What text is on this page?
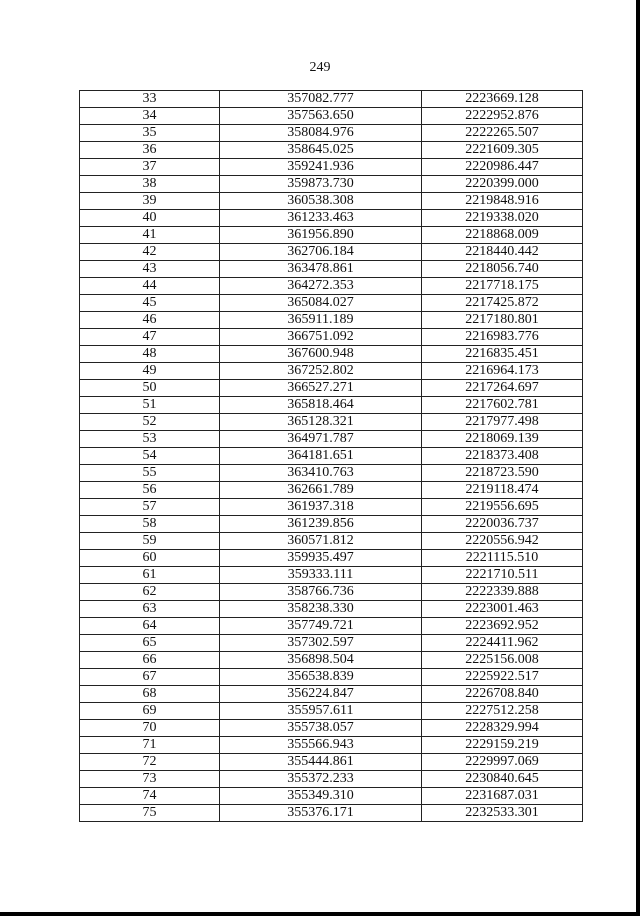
249
33	357082.777	2223669.128
34	357563.650	2222952.876
35	358084.976	2222265.507
36	358645.025	2221609.305
37	359241.936	2220986.447
38	359873.730	2220399.000
39	360538.308	2219848.916
40	361233.463	2219338.020
41	361956.890	2218868.009
42	362706.184	2218440.442
43	363478.861	2218056.740
44	364272.353	2217718.175
45	365084.027	2217425.872
46	365911.189	2217180.801
47	366751.092	2216983.776
48	367600.948	2216835.451
49	367252.802	2216964.173
50	366527.271	2217264.697
51	365818.464	2217602.781
52	365128.321	2217977.498
53	364971.787	2218069.139
54	364181.651	2218373.408
55	363410.763	2218723.590
56	362661.789	2219118.474
57	361937.318	2219556.695
58	361239.856	2220036.737
59	360571.812	2220556.942
60	359935.497	2221115.510
61	359333.111	2221710.511
62	358766.736	2222339.888
63	358238.330	2223001.463
64	357749.721	2223692.952
65	357302.597	2224411.962
66	356898.504	2225156.008
67	356538.839	2225922.517
68	356224.847	2226708.840
69	355957.611	2227512.258
70	355738.057	2228329.994
71	355566.943	2229159.219
72	355444.861	2229997.069
73	355372.233	2230840.645
74	355349.310	2231687.031
75	355376.171	2232533.301
